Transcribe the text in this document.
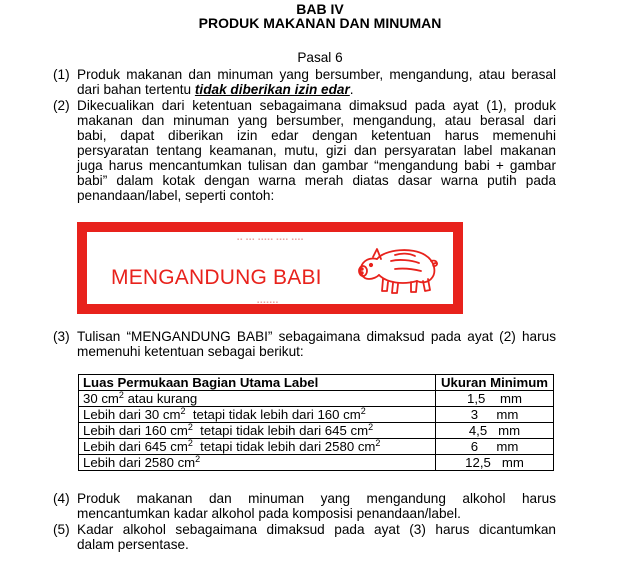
BAB IV
PRODUK MAKANAN DAN MINUMAN
Pasal 6
(1) Produk makanan dan minuman yang bersumber, mengandung, atau berasal
dari bahan tertentu tidak diberikan izin edar.
(2) Dikecualikan dari ketentuan sebagaimana dimaksud pada ayat (1), produk
makanan dan minuman yang bersumber, mengandung, atau berasal dari
babi, dapat diberikan izin edar dengan ketentuan harus memenuhi
persyaratan tentang keamanan, mutu, gizi dan persyaratan label makanan
juga harus mencantumkan tulisan dan gambar “mengandung babi + gambar
babi” dalam kotak dengan warna merah diatas dasar warna putih pada
penandaan/label, seperti contoh:
▪▪ ▪▪▪ ▪▪▪▪▪ ▪▪▪▪ ▪▪▪▪
▪▪▪▪▪▪▪
MENGANDUNG BABI
(3) Tulisan “MENGANDUNG BABI” sebagaimana dimaksud pada ayat (2) harus
memenuhi ketentuan sebagai berikut:
Luas Permukaan Bagian Utama Label	Ukuran Minimum
30 $cm^2$ atau kurang	1,5    mm
Lebih dari 30 $cm^2$  tetapi tidak lebih dari 160 $cm^2$	3     mm
Lebih dari 160 $cm^2$  tetapi tidak lebih dari 645 $cm^2$	4,5   mm
Lebih dari 645 $cm^2$  tetapi tidak lebih dari 2580 $cm^2$	6     mm
Lebih dari 2580 $cm^2$	12,5   mm
(4) Produk makanan dan minuman yang mengandung alkohol harus
mencantumkan kadar alkohol pada komposisi penandaan/label.
(5) Kadar alkohol sebagaimana dimaksud pada ayat (3) harus dicantumkan
dalam persentase.
